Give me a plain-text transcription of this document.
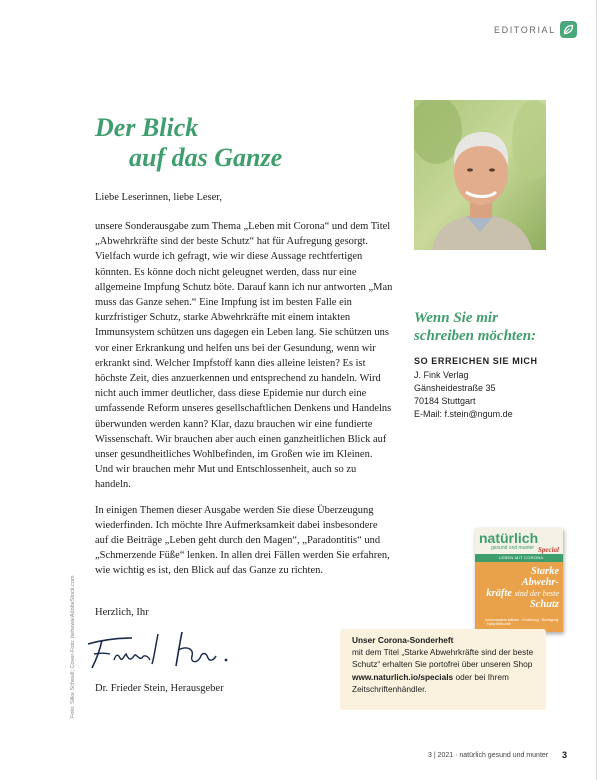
EDITORIAL
Der Blick
auf das Ganze
Liebe Leserinnen, liebe Leser,

unsere Sonderausgabe zum Thema „Leben mit Corona“ und dem Titel „Abwehrkräfte sind der beste Schutz“ hat für Aufregung gesorgt. Vielfach wurde ich gefragt, wie wir diese Aussage rechtfertigen könnten. Es könne doch nicht geleugnet werden, dass nur eine allgemeine Impfung Schutz böte. Darauf kann ich nur antworten „Man muss das Ganze sehen.“ Eine Impfung ist im besten Falle ein kurzfristiger Schutz, starke Abwehrkräfte mit einem intakten Immunsystem schützen uns dagegen ein Leben lang. Sie schützen uns vor einer Erkrankung und helfen uns bei der Gesundung, wenn wir erkrankt sind. Welcher Impfstoff kann dies alleine leisten? Es ist höchste Zeit, dies anzuerkennen und entsprechend zu handeln. Wird nicht auch immer deutlicher, dass diese Epidemie nur durch eine umfassende Reform unseres gesellschaftlichen Denkens und Handelns überwunden werden kann? Klar, dazu brauchen wir eine fundierte Wissenschaft. Wir brauchen aber auch einen ganzheitlichen Blick auf unser gesundheitliches Wohlbefinden, im Großen wie im Kleinen. Und wir brauchen mehr Mut und Entschlossenheit, auch so zu handeln.

In einigen Themen dieser Ausgabe werden Sie diese Überzeugung wiederfinden. Ich möchte Ihre Aufmerksamkeit dabei insbesondere auf die Beiträge „Leben geht durch den Magen“, „Paradontitis“ und „Schmerzende Füße“ lenken. In allen drei Fällen werden Sie erfahren, wie wichtig es ist, den Blick auf das Ganze zu richten.

Herzlich, Ihr
Dr. Frieder Stein, Herausgeber
Foto: Silke Schwell; Cover-Foto: behewa/AdobeStock.com
Wenn Sie mir
schreiben möchten:
SO ERREICHEN SIE MICH
J. Fink Verlag
Gänsheidestraße 35
70184 Stuttgart
E-Mail: f.stein@ngum.de
natürlich
gesund und munter Special
LEBEN MIT CORONA
Starke
Abwehr-
kräfte sind der beste
Schutz
Immunsystem stärken · Ernährung · Bewegung · Naturheilkunde
Unser Corona-Sonderheft
mit dem Titel „Starke Abwehrkräfte sind der beste Schutz“ erhalten Sie portofrei über unseren Shop www.naturlich.io/specials oder bei Ihrem Zeitschriftenhändler.
3 | 2021 · natürlich gesund und munter 3
